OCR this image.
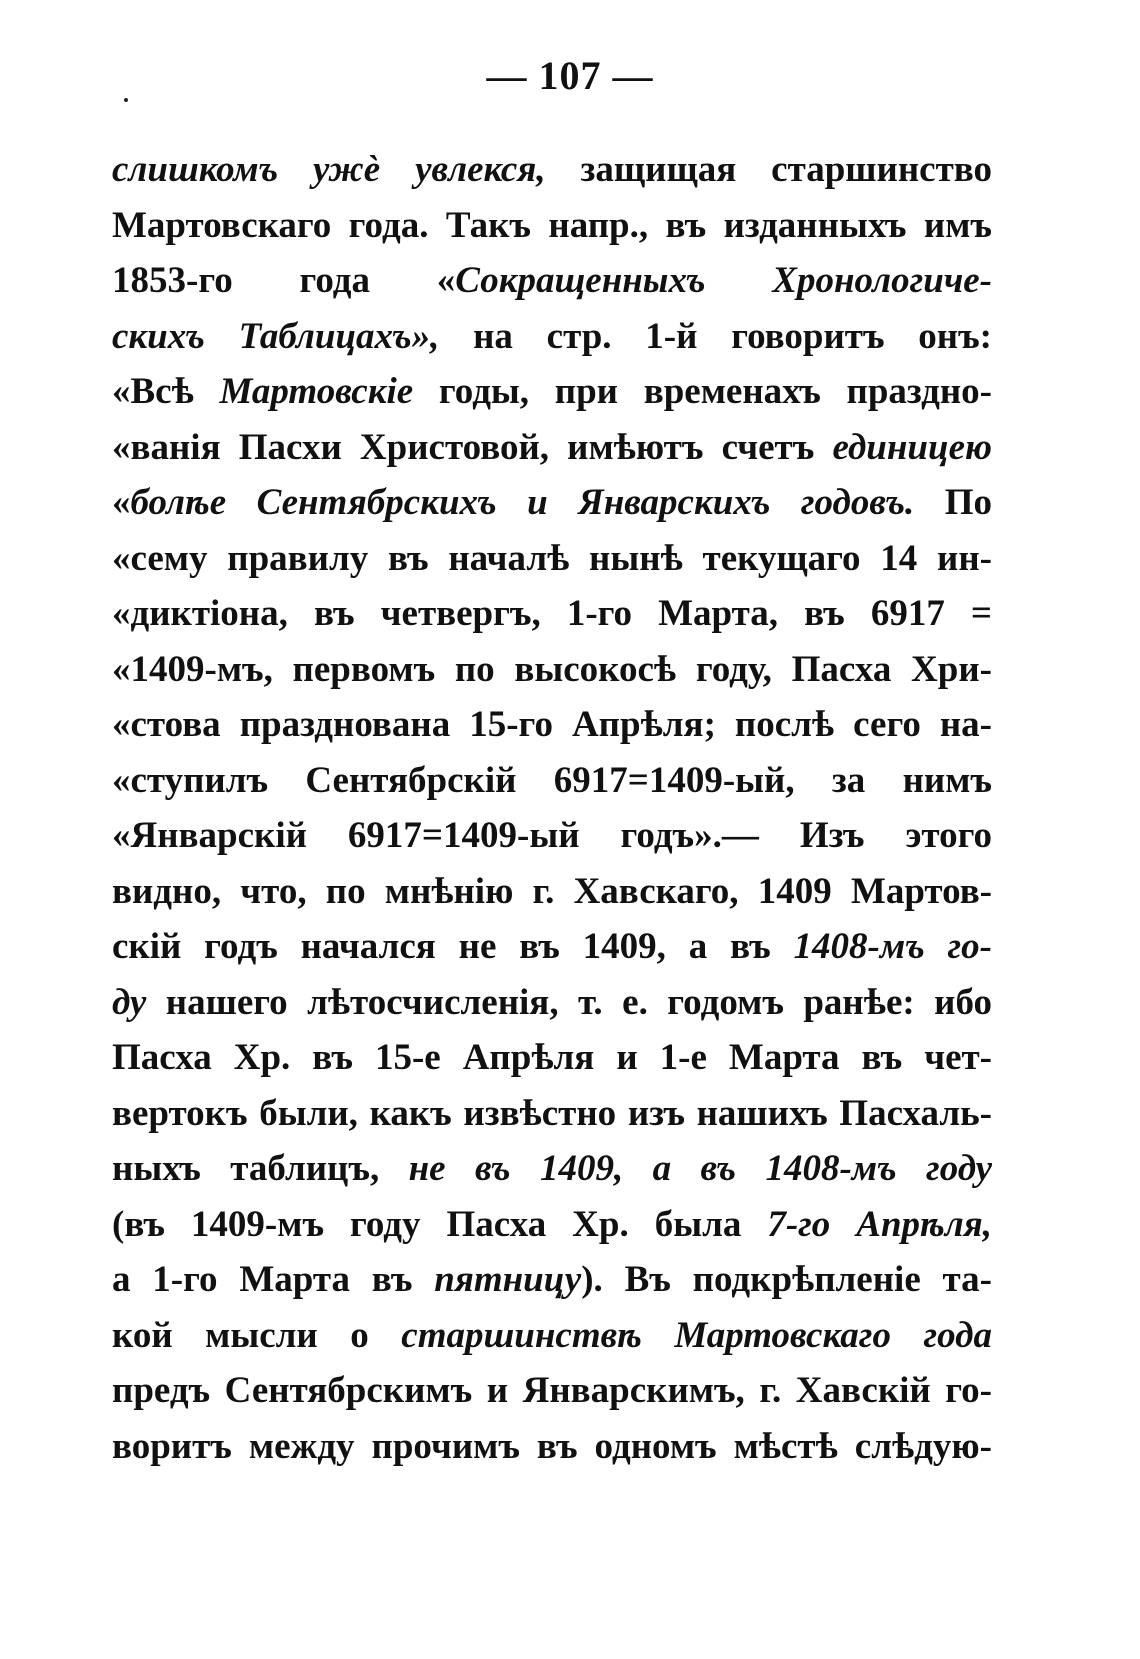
— 107 —
слишкомъ ужѐ увлекся, защищая старшинство
Мартовскаго года. Такъ напр., въ изданныхъ имъ
1853-го года «Сокращенныхъ Хронологиче-
скихъ Таблицахъ», на стр. 1-й говоритъ онъ:
«Всѣ Мартовскiе годы, при временахъ праздно-
«ванія Пасхи Христовой, имѣютъ счетъ единицею
«болѣе Сентябрскихъ и Январскихъ годовъ. По
«сему правилу въ началѣ нынѣ текущаго 14 ин-
«диктіона, въ четвергъ, 1-го Марта, въ 6917 =
«1409-мъ, первомъ по высокосѣ году, Пасха Хри-
«стова празднована 15-го Апрѣля; послѣ сего на-
«ступилъ Сентябрскій 6917=1409-ый, за нимъ
«Январскій 6917=1409-ый годъ».— Изъ этого
видно, что, по мнѣнію г. Хавскаго, 1409 Мартов-
скій годъ начался не въ 1409, а въ 1408-мъ го-
ду нашего лѣтосчисленія, т. е. годомъ ранѣе: ибо
Пасха Хр. въ 15-е Апрѣля и 1-е Марта въ чет-
вертокъ были, какъ извѣстно изъ нашихъ Пасхаль-
ныхъ таблицъ, не въ 1409, а въ 1408-мъ году
(въ 1409-мъ году Пасха Хр. была 7-го Апрѣля,
а 1-го Марта въ пятницу). Въ подкрѣпленіе та-
кой мысли о старшинствѣ Мартовскаго года
предъ Сентябрскимъ и Январскимъ, г. Хавскій го-
воритъ между прочимъ въ одномъ мѣстѣ слѣдую-
